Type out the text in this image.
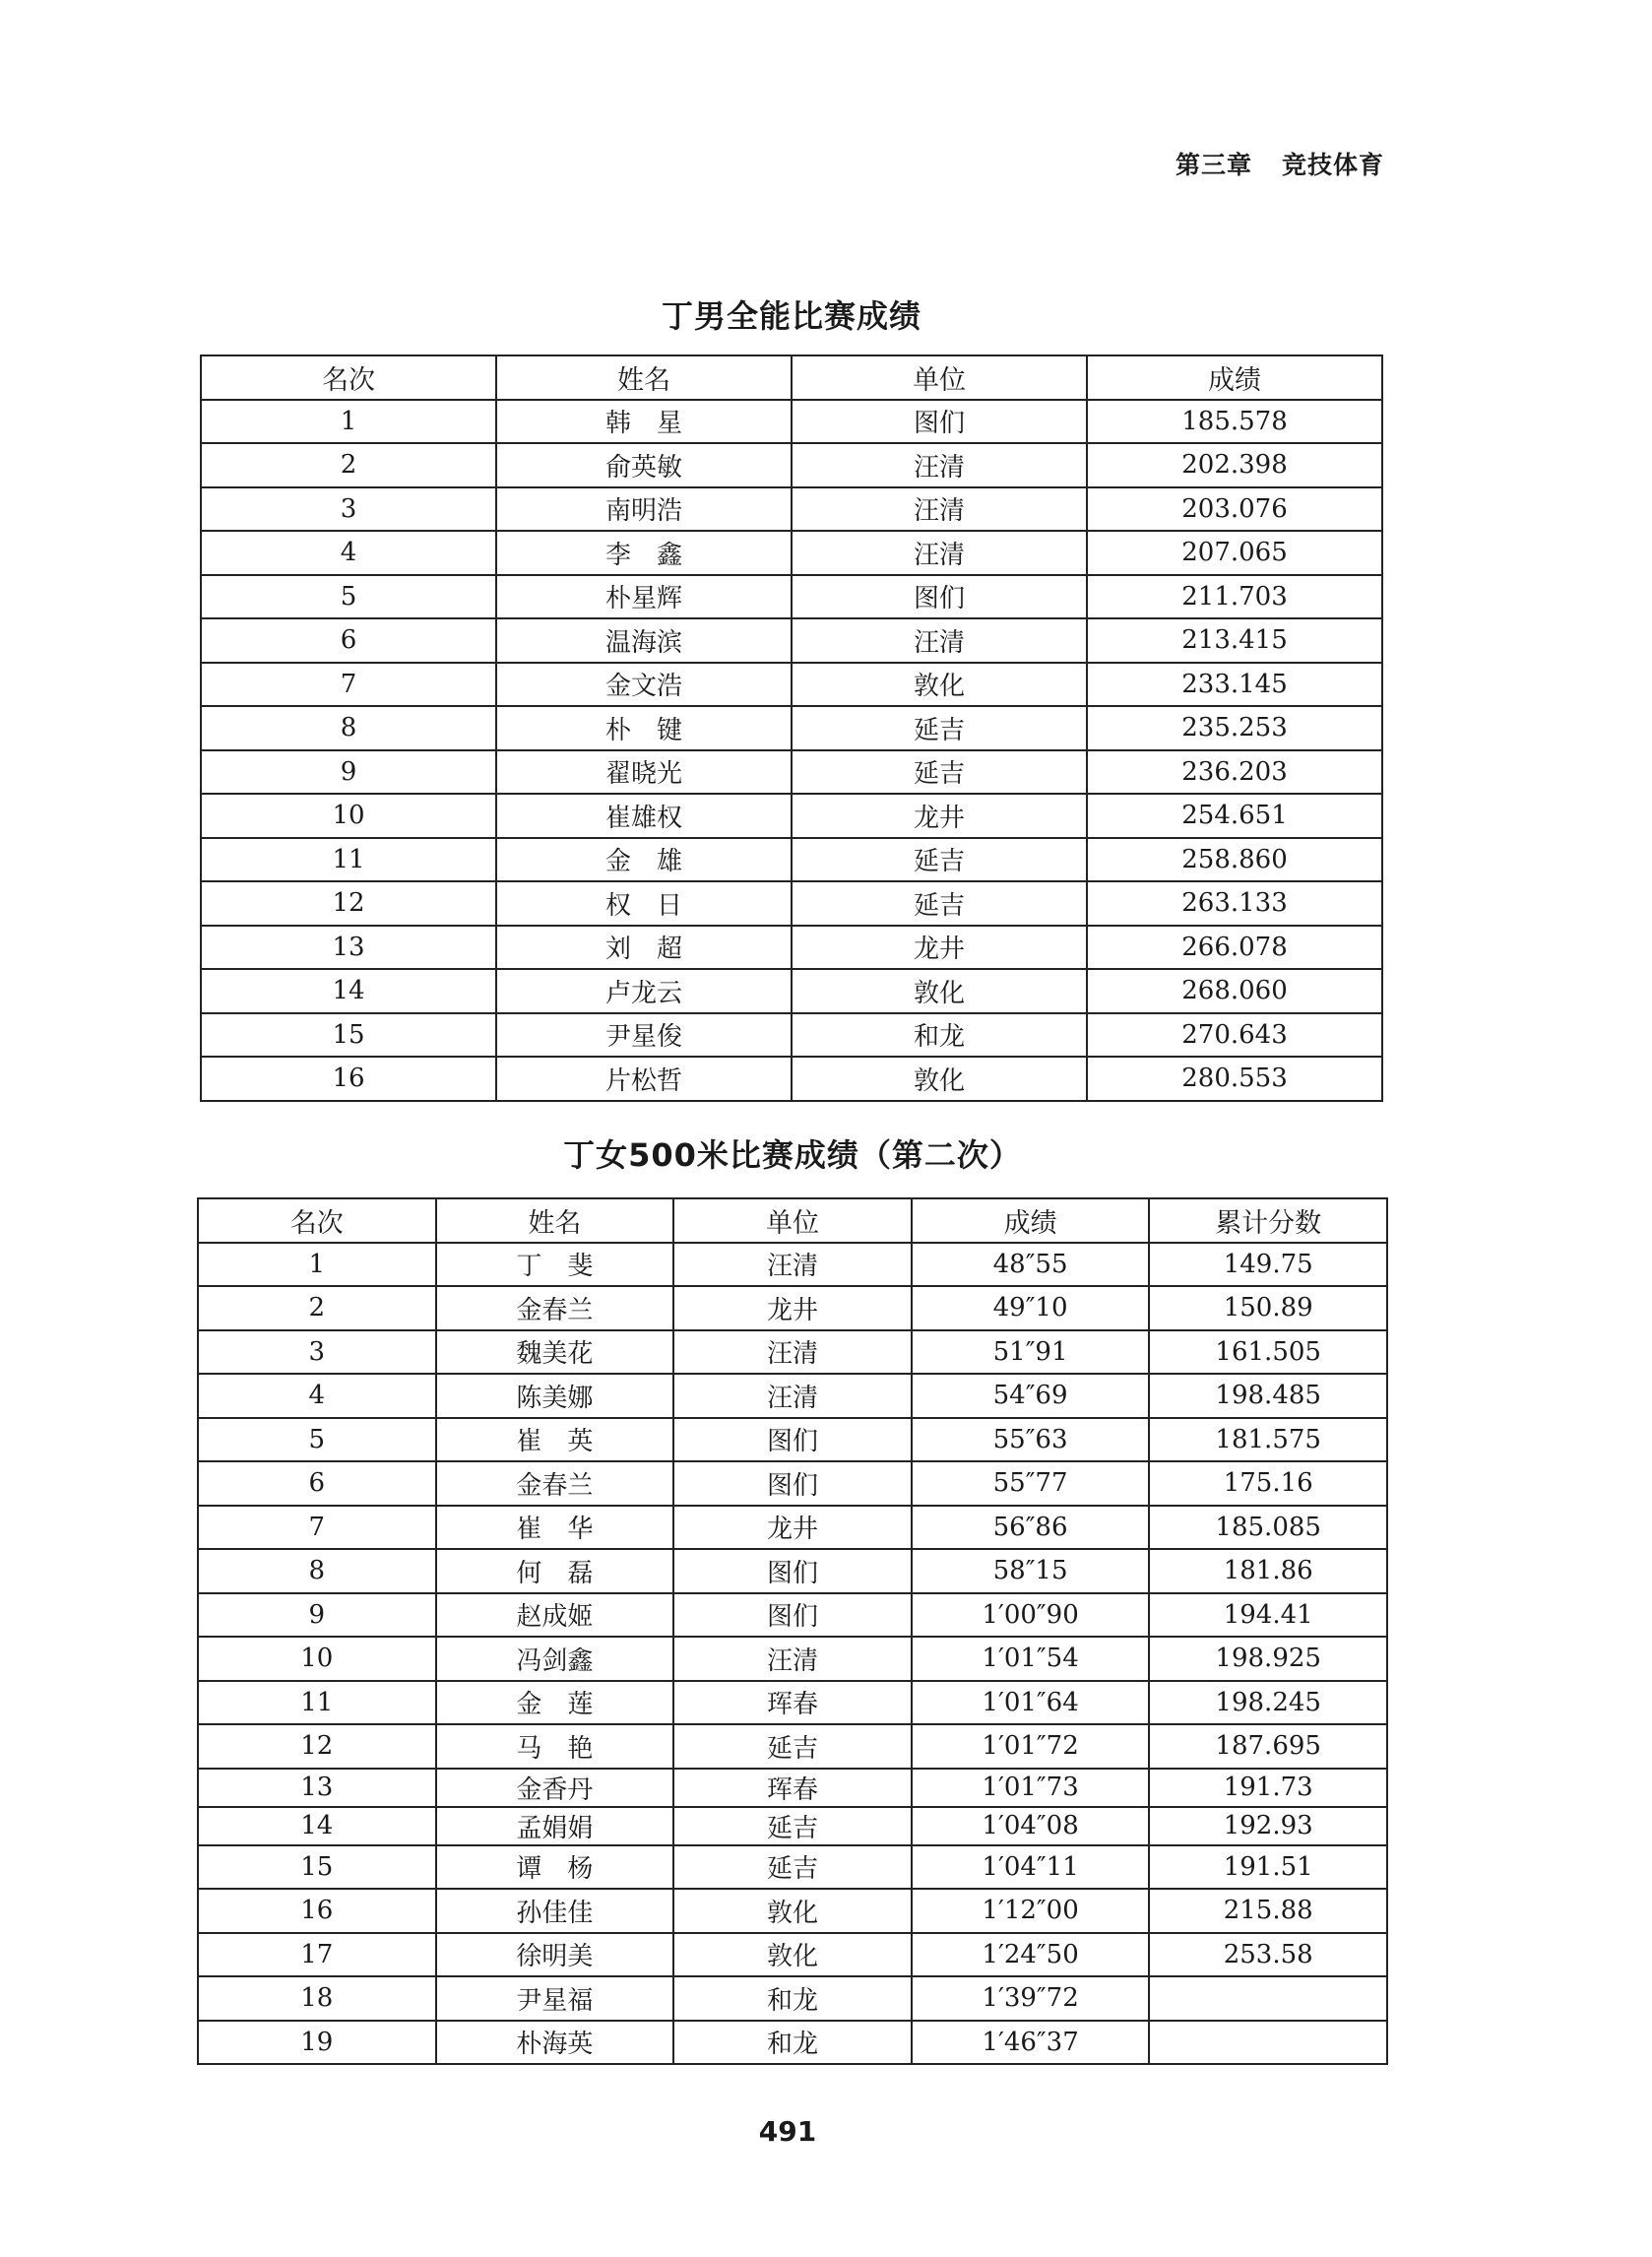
第三章 竞技体育
丁男全能比赛成绩
名次	姓名	单位	成绩
1	韩　星	图们	185.578
2	俞英敏	汪清	202.398
3	南明浩	汪清	203.076
4	李　鑫	汪清	207.065
5	朴星辉	图们	211.703
6	温海滨	汪清	213.415
7	金文浩	敦化	233.145
8	朴　键	延吉	235.253
9	翟晓光	延吉	236.203
10	崔雄权	龙井	254.651
11	金　雄	延吉	258.860
12	权　日	延吉	263.133
13	刘　超	龙井	266.078
14	卢龙云	敦化	268.060
15	尹星俊	和龙	270.643
16	片松哲	敦化	280.553
丁女500米比赛成绩（第二次）
名次	姓名	单位	成绩	累计分数
1	丁　斐	汪清	48″55	149.75
2	金春兰	龙井	49″10	150.89
3	魏美花	汪清	51″91	161.505
4	陈美娜	汪清	54″69	198.485
5	崔　英	图们	55″63	181.575
6	金春兰	图们	55″77	175.16
7	崔　华	龙井	56″86	185.085
8	何　磊	图们	58″15	181.86
9	赵成姬	图们	1′00″90	194.41
10	冯剑鑫	汪清	1′01″54	198.925
11	金　莲	珲春	1′01″64	198.245
12	马　艳	延吉	1′01″72	187.695
13	金香丹	珲春	1′01″73	191.73
14	孟娟娟	延吉	1′04″08	192.93
15	谭　杨	延吉	1′04″11	191.51
16	孙佳佳	敦化	1′12″00	215.88
17	徐明美	敦化	1′24″50	253.58
18	尹星福	和龙	1′39″72	
19	朴海英	和龙	1′46″37	
491
